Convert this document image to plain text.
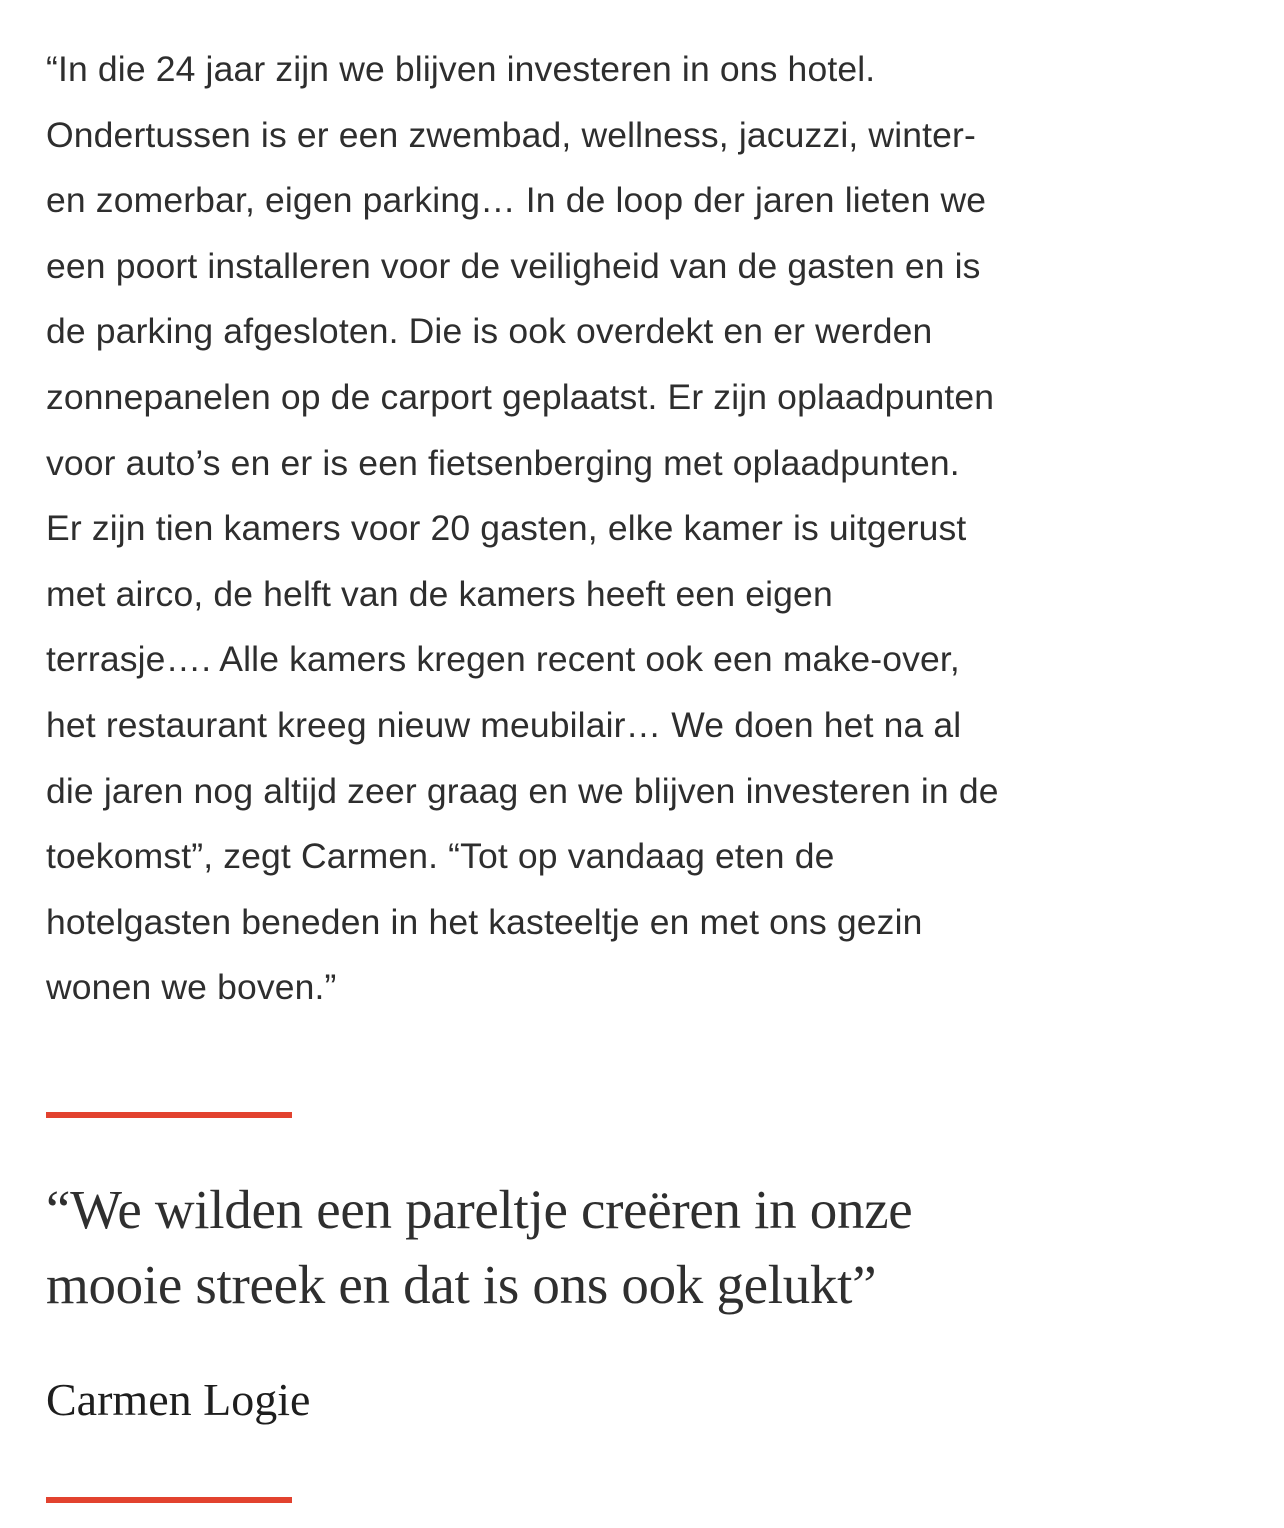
“In die 24 jaar zijn we blijven investeren in ons hotel.
Ondertussen is er een zwembad, wellness, jacuzzi, winter-
en zomerbar, eigen parking… In de loop der jaren lieten we
een poort installeren voor de veiligheid van de gasten en is
de parking afgesloten. Die is ook overdekt en er werden
zonnepanelen op de carport geplaatst. Er zijn oplaadpunten
voor auto’s en er is een fietsenberging met oplaadpunten.
Er zijn tien kamers voor 20 gasten, elke kamer is uitgerust
met airco, de helft van de kamers heeft een eigen
terrasje…. Alle kamers kregen recent ook een make-over,
het restaurant kreeg nieuw meubilair… We doen het na al
die jaren nog altijd zeer graag en we blijven investeren in de
toekomst”, zegt Carmen. “Tot op vandaag eten de
hotelgasten beneden in het kasteeltje en met ons gezin
wonen we boven.”

“We wilden een pareltje creëren in onze
mooie streek en dat is ons ook gelukt”

Carmen Logie
